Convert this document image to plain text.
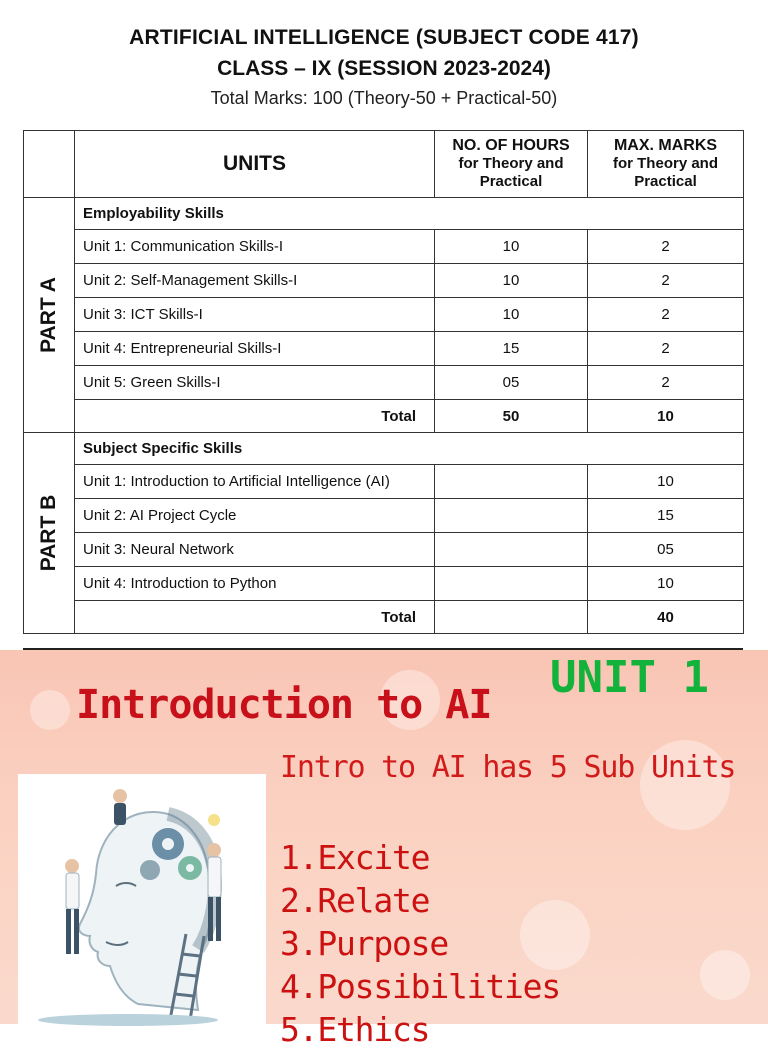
ARTIFICIAL INTELLIGENCE (SUBJECT CODE 417)
CLASS – IX (SESSION 2023-2024)
Total Marks: 100 (Theory-50 + Practical-50)
	UNITS	NO. OF HOURS
for Theory and
Practical	MAX. MARKS
for Theory and
Practical

PART A	Employability Skills		
	Unit 1: Communication Skills-I	10	2
	Unit 2: Self-Management Skills-I	10	2
	Unit 3: ICT Skills-I	10	2
	Unit 4: Entrepreneurial Skills-I	15	2
	Unit 5: Green Skills-I	05	2
	Total	50	10

PART B	Subject Specific Skills		
	Unit 1: Introduction to Artificial Intelligence (AI)		10
	Unit 2: AI Project Cycle		15
	Unit 3: Neural Network		05
	Unit 4: Introduction to Python		10
	Total		40
UNIT 1
Introduction to AI
Intro to AI has 5 Sub Units
1.Excite
2.Relate
3.Purpose
4.Possibilities
5.Ethics
